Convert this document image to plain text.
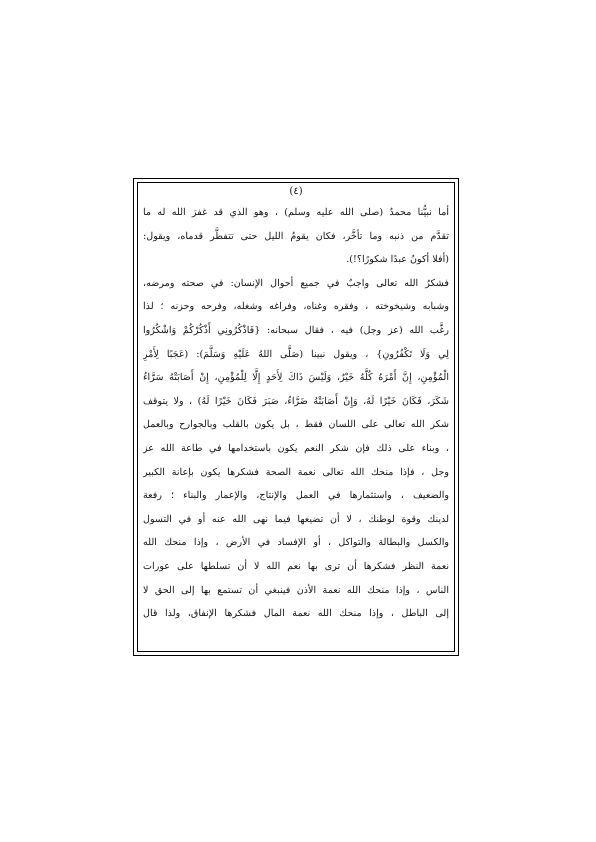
(٤)
أما نبيُّنا محمدٌ (صلى الله عليه وسلم) ، وهو الذي قد غفرَ الله له ما
تقدَّم من ذنبه وما تأخَّر، فكان يقومُ الليل حتى تتفطَّر قدماه، ويقول:
(أفلا أكونُ عبدًا شكورًا؟!).
فشكرُ الله تعالى واجبٌ في جميع أحوال الإنسان: في صحته ومرضه،
وشبابه وشيخوخته ، وفقره وغناه، وفراغه وشغله، وفرحه وحزنه ؛ لذا
رغَّب الله (عز وجل) فيه ، فقال سبحانه: {فَاذْكُرُونِي أَذْكُرْكُمْ وَاشْكُرُوا
لِي وَلَا تَكْفُرُونِ} ، ويقول نبينا (صَلَّى اللهُ عَلَيْهِ وَسَلَّمَ): (عَجَبًا لِأَمْرِ
الْمُؤْمِنِ، إِنَّ أَمْرَهُ كُلَّهُ خَيْرٌ، وَلَيْسَ ذَاكَ لِأَحَدٍ إِلَّا لِلْمُؤْمِنِ، إِنْ أَصَابَتْهُ سَرَّاءُ
شَكَرَ، فَكَانَ خَيْرًا لَهُ، وَإِنْ أَصَابَتْهُ ضَرَّاءُ، صَبَرَ فَكَانَ خَيْرًا لَهُ) ، ولا يتوقف
شكر الله تعالى على اللسان فقط ، بل يكون بالقلب وبالجوارح وبالعمل
، وبناء على ذلك فإن شكر النعم يكون باستخدامها في طاعة الله عز
وجل ، فإذا منحك الله تعالى نعمة الصحة فشكرها يكون بإعانة الكبير
والضعيف ، واستثمارها في العمل والإنتاج، والإعمار والبناء ؛ رفعة
لدينك وقوة لوطنك ، لا أن تضيعها فيما نهى الله عنه أو في التسول
والكسل والبطالة والتواكل ، أو الإفساد في الأرض ، وإذا منحك الله
نعمة النظر فشكرها أن ترى بها نعم الله لا أن تسلطها على عورات
الناس ، وإذا منحك الله نعمة الأذن فينبغي أن تستمع بها إلى الحق لا
إلى الباطل ، وإذا منحك الله نعمة المال فشكرها الإنفاق، ولذا قال
